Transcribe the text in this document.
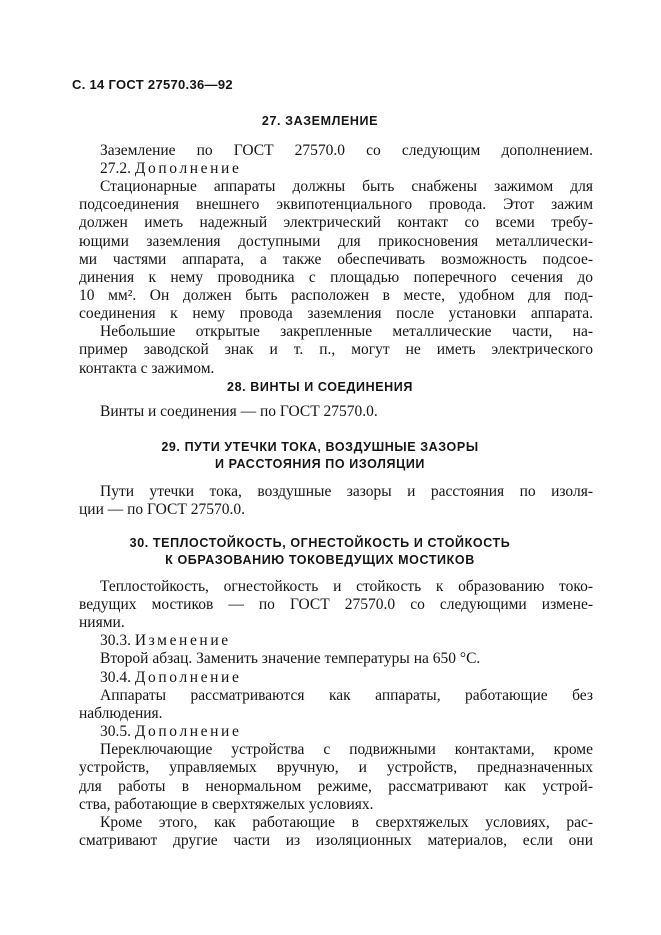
С. 14 ГОСТ 27570.36—92
27. ЗАЗЕМЛЕНИЕ
Заземление по ГОСТ 27570.0 со следующим дополнением.
27.2. Дополнение
Стационарные аппараты должны быть снабжены зажимом для
подсоединения внешнего эквипотенциального провода. Этот зажим
должен иметь надежный электрический контакт со всеми требу-
ющими заземления доступными для прикосновения металлически-
ми частями аппарата, а также обеспечивать возможность подсое-
динения к нему проводника с площадью поперечного сечения до
10 мм². Он должен быть расположен в месте, удобном для под-
соединения к нему провода заземления после установки аппарата.
Небольшие открытые закрепленные металлические части, на-
пример заводской знак и т. п., могут не иметь электрического
контакта с зажимом.
28. ВИНТЫ И СОЕДИНЕНИЯ
Винты и соединения — по ГОСТ 27570.0.
29. ПУТИ УТЕЧКИ ТОКА, ВОЗДУШНЫЕ ЗАЗОРЫ
И РАССТОЯНИЯ ПО ИЗОЛЯЦИИ
Пути утечки тока, воздушные зазоры и расстояния по изоля-
ции — по ГОСТ 27570.0.
30. ТЕПЛОСТОЙКОСТЬ, ОГНЕСТОЙКОСТЬ И СТОЙКОСТЬ
К ОБРАЗОВАНИЮ ТОКОВЕДУЩИХ МОСТИКОВ
Теплостойкость, огнестойкость и стойкость к образованию токо-
ведущих мостиков — по ГОСТ 27570.0 со следующими измене-
ниями.
30.3. Изменение
Второй абзац. Заменить значение температуры на 650 °С.
30.4. Дополнение
Аппараты рассматриваются как аппараты, работающие без
наблюдения.
30.5. Дополнение
Переключающие устройства с подвижными контактами, кроме
устройств, управляемых вручную, и устройств, предназначенных
для работы в ненормальном режиме, рассматривают как устрой-
ства, работающие в сверхтяжелых условиях.
Кроме этого, как работающие в сверхтяжелых условиях, рас-
сматривают другие части из изоляционных материалов, если они
